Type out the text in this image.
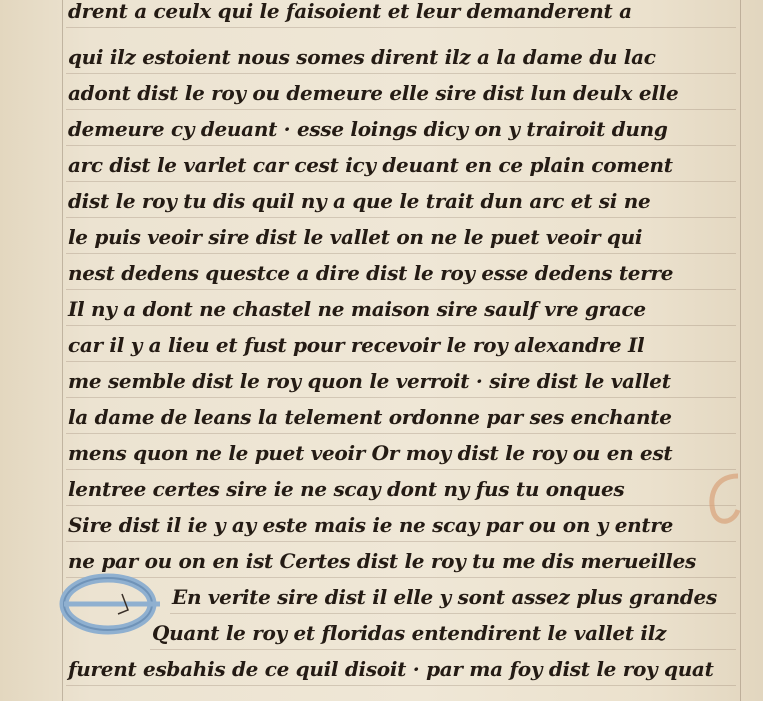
drent a ceulx qui le faisoient et leur demanderent a
qui ilz estoient nous somes dirent ilz a la dame du lac
adont dist le roy ou demeure elle sire dist lun deulx elle
demeure cy deuant · esse loings dicy on y trairoit dung
arc dist le varlet car cest icy deuant en ce plain coment
dist le roy tu dis quil ny a que le trait dun arc et si ne
le puis veoir sire dist le vallet on ne le puet veoir qui
nest dedens questce a dire dist le roy esse dedens terre
Il ny a dont ne chastel ne maison sire saulf vre grace
car il y a lieu et fust pour recevoir le roy alexandre Il
me semble dist le roy quon le verroit · sire dist le vallet
la dame de leans la telement ordonne par ses enchante
mens quon ne le puet veoir Or moy dist le roy ou en est
lentree certes sire ie ne scay dont ny fus tu onques
Sire dist il ie y ay este mais ie ne scay par ou on y entre
ne par ou on en ist Certes dist le roy tu me dis merueilles
En verite sire dist il elle y sont assez plus grandes
Quant le roy et floridas entendirent le vallet ilz
furent esbahis de ce quil disoit · par ma foy dist le roy quat
